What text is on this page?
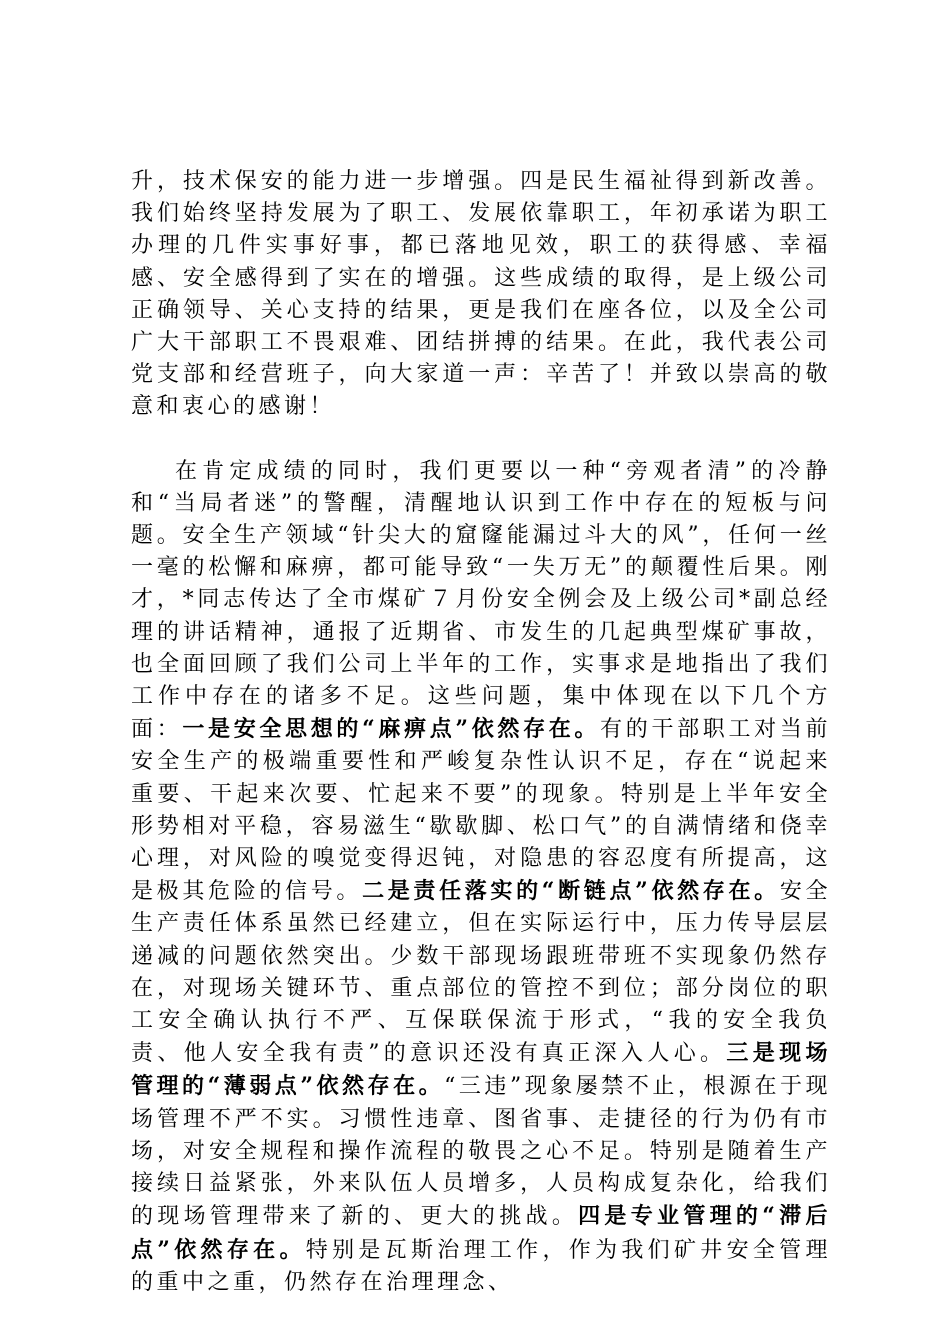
升，技术保安的能力进一步增强。四是民生福祉得到新改善。我们始终坚持发展为了职工、发展依靠职工，年初承诺为职工办理的几件实事好事，都已落地见效，职工的获得感、幸福感、安全感得到了实在的增强。这些成绩的取得，是上级公司正确领导、关心支持的结果，更是我们在座各位，以及全公司广大干部职工不畏艰难、团结拼搏的结果。在此，我代表公司党支部和经营班子，向大家道一声：辛苦了！并致以崇高的敬意和衷心的感谢！

在肯定成绩的同时，我们更要以一种“旁观者清”的冷静和“当局者迷”的警醒，清醒地认识到工作中存在的短板与问题。安全生产领域“针尖大的窟窿能漏过斗大的风”，任何一丝一毫的松懈和麻痹，都可能导致“一失万无”的颠覆性后果。刚才，*同志传达了全市煤矿７月份安全例会及上级公司*副总经理的讲话精神，通报了近期省、市发生的几起典型煤矿事故，也全面回顾了我们公司上半年的工作，实事求是地指出了我们工作中存在的诸多不足。这些问题，集中体现在以下几个方面：一是安全思想的“麻痹点”依然存在。有的干部职工对当前安全生产的极端重要性和严峻复杂性认识不足，存在“说起来重要、干起来次要、忙起来不要”的现象。特别是上半年安全形势相对平稳，容易滋生“歇歇脚、松口气”的自满情绪和侥幸心理，对风险的嗅觉变得迟钝，对隐患的容忍度有所提高，这是极其危险的信号。二是责任落实的“断链点”依然存在。安全生产责任体系虽然已经建立，但在实际运行中，压力传导层层递减的问题依然突出。少数干部现场跟班带班不实现象仍然存在，对现场关键环节、重点部位的管控不到位；部分岗位的职工安全确认执行不严、互保联保流于形式，“我的安全我负责、他人安全我有责”的意识还没有真正深入人心。三是现场管理的“薄弱点”依然存在。“三违”现象屡禁不止，根源在于现场管理不严不实。习惯性违章、图省事、走捷径的行为仍有市场，对安全规程和操作流程的敬畏之心不足。特别是随着生产接续日益紧张，外来队伍人员增多，人员构成复杂化，给我们的现场管理带来了新的、更大的挑战。四是专业管理的“滞后点”依然存在。特别是瓦斯治理工作，作为我们矿井安全管理的重中之重，仍然存在治理理念、
